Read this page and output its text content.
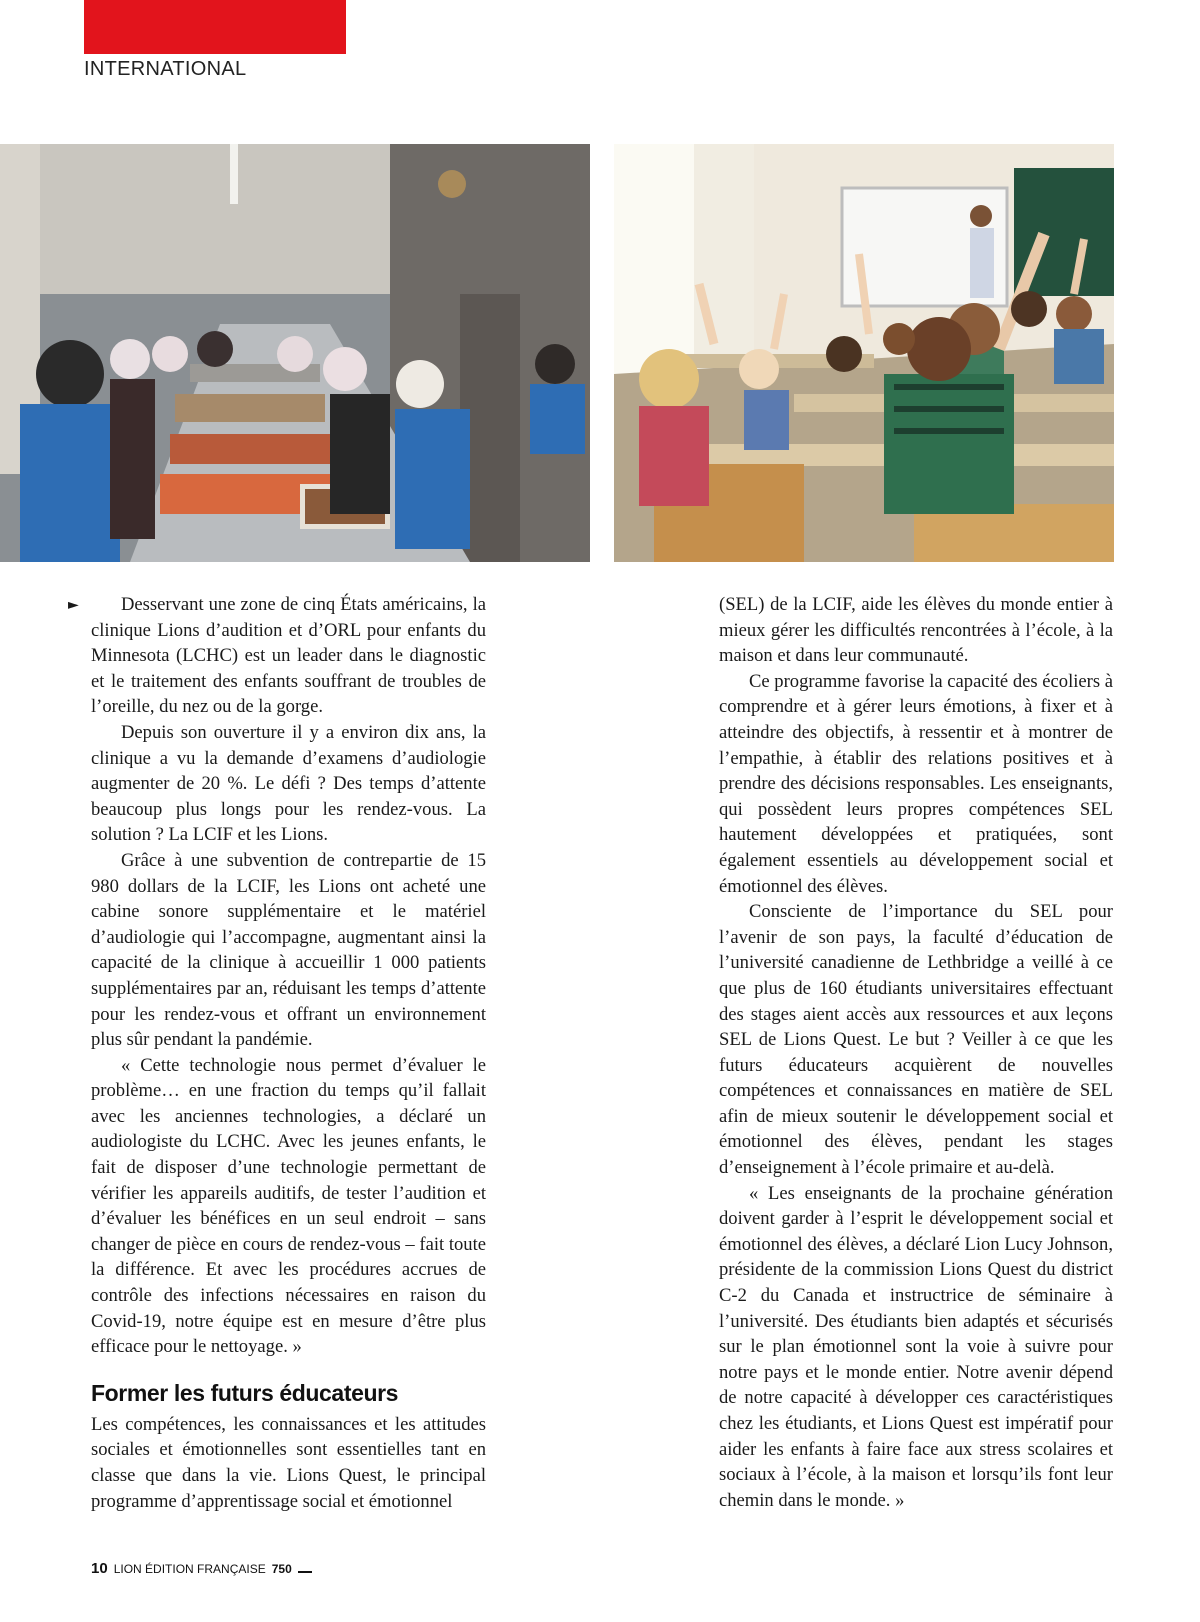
INTERNATIONAL
►	Desservant une zone de cinq États américains, la clinique Lions d’audition et d’ORL pour enfants du Minnesota (LCHC) est un leader dans le diagnostic et le traitement des enfants souffrant de troubles de l’oreille, du nez ou de la gorge.

Depuis son ouverture il y a environ dix ans, la clinique a vu la demande d’examens d’audiologie augmenter de 20 %. Le défi ? Des temps d’attente beaucoup plus longs pour les rendez-vous. La solution ? La LCIF et les Lions.

Grâce à une subvention de contrepartie de 15 980 dollars de la LCIF, les Lions ont acheté une cabine sonore supplémentaire et le matériel d’audiologie qui l’accompagne, augmentant ainsi la capacité de la clinique à accueillir 1 000 patients supplémentaires par an, réduisant les temps d’attente pour les rendez-vous et offrant un environnement plus sûr pendant la pandémie.

« Cette technologie nous permet d’évaluer le problème… en une fraction du temps qu’il fallait avec les anciennes technologies, a déclaré un audiologiste du LCHC. Avec les jeunes enfants, le fait de disposer d’une technologie permettant de vérifier les appareils auditifs, de tester l’audition et d’évaluer les bénéfices en un seul endroit – sans changer de pièce en cours de rendez-vous – fait toute la différence. Et avec les procédures accrues de contrôle des infections nécessaires en raison du Covid-19, notre équipe est en mesure d’être plus efficace pour le nettoyage. »

Former les futurs éducateurs

Les compétences, les connaissances et les attitudes sociales et émotionnelles sont essentielles tant en classe que dans la vie. Lions Quest, le principal programme d’apprentissage social et émotionnel

(SEL) de la LCIF, aide les élèves du monde entier à mieux gérer les difficultés rencontrées à l’école, à la maison et dans leur communauté.

Ce programme favorise la capacité des écoliers à comprendre et à gérer leurs émotions, à fixer et à atteindre des objectifs, à ressentir et à montrer de l’empathie, à établir des relations positives et à prendre des décisions responsables. Les enseignants, qui possèdent leurs propres compétences SEL hautement développées et pratiquées, sont également essentiels au développement social et émotionnel des élèves.

Consciente de l’importance du SEL pour l’avenir de son pays, la faculté d’éducation de l’université canadienne de Lethbridge a veillé à ce que plus de 160 étudiants universitaires effectuant des stages aient accès aux ressources et aux leçons SEL de Lions Quest. Le but ? Veiller à ce que les futurs éducateurs acquièrent de nouvelles compétences et connaissances en matière de SEL afin de mieux soutenir le développement social et émotionnel des élèves, pendant les stages d’enseignement à l’école primaire et au-delà.

« Les enseignants de la prochaine génération doivent garder à l’esprit le développement social et émotionnel des élèves, a déclaré Lion Lucy Johnson, présidente de la commission Lions Quest du district C-2 du Canada et instructrice de séminaire à l’université. Des étudiants bien adaptés et sécurisés sur le plan émotionnel sont la voie à suivre pour notre pays et le monde entier. Notre avenir dépend de notre capacité à développer ces caractéristiques chez les étudiants, et Lions Quest est impératif pour aider les enfants à faire face aux stress scolaires et sociaux à l’école, à la maison et lorsqu’ils font leur chemin dans le monde. »

10 LION ÉDITION FRANÇAISE 750
